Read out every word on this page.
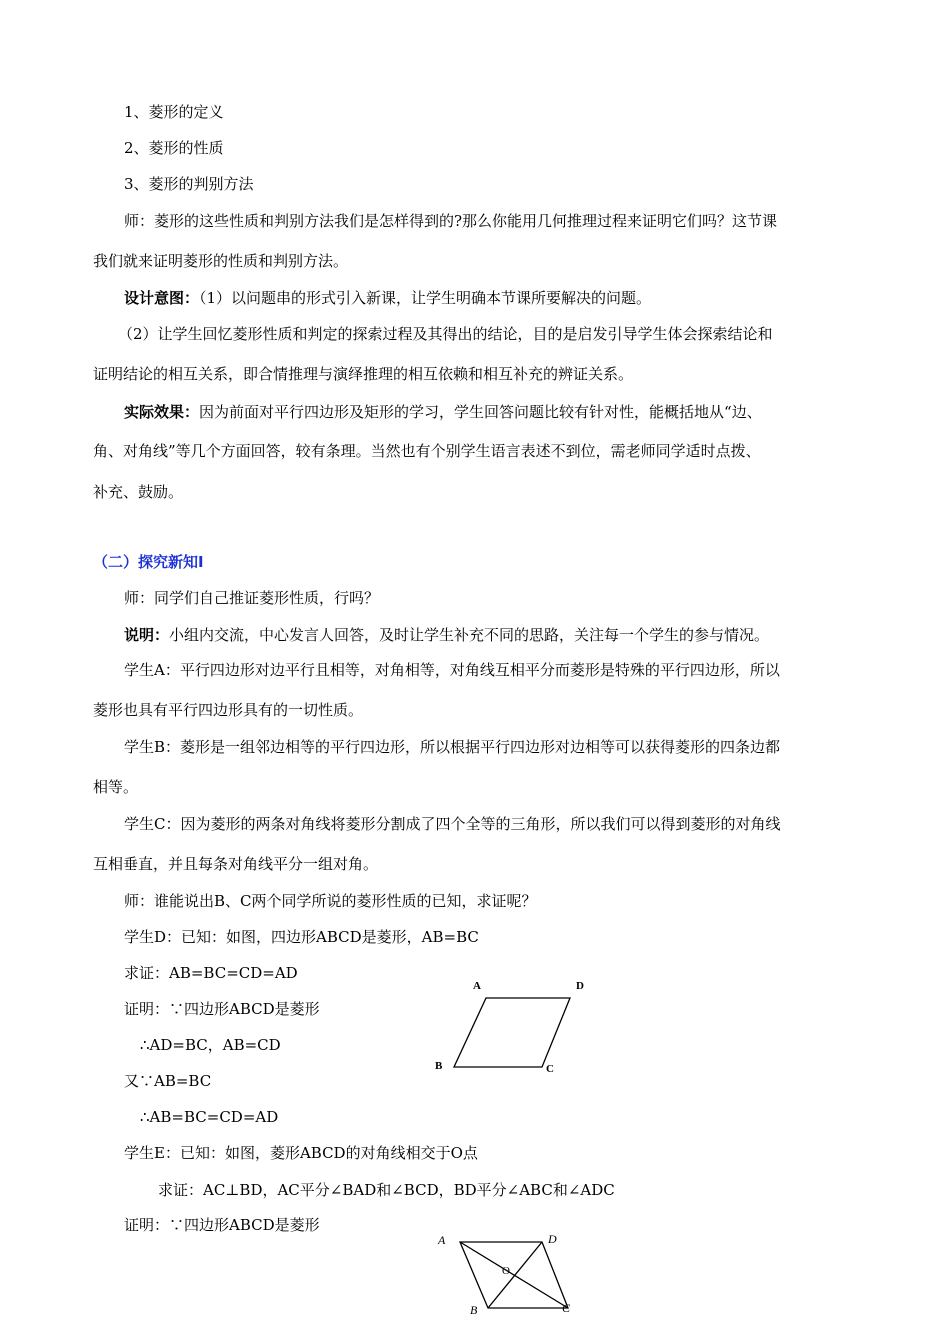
1、菱形的定义
2、菱形的性质
3、菱形的判别方法
师：菱形的这些性质和判别方法我们是怎样得到的?那么你能用几何推理过程来证明它们吗？这节课
我们就来证明菱形的性质和判别方法。
设计意图：（1）以问题串的形式引入新课，让学生明确本节课所要解决的问题。
（2）让学生回忆菱形性质和判定的探索过程及其得出的结论，目的是启发引导学生体会探索结论和
证明结论的相互关系，即合情推理与演绎推理的相互依赖和相互补充的辨证关系。
实际效果：因为前面对平行四边形及矩形的学习，学生回答问题比较有针对性，能概括地从“边、
角、对角线”等几个方面回答，较有条理。当然也有个别学生语言表述不到位，需老师同学适时点拨、
补充、鼓励。
（二）探究新知Ⅰ
师：同学们自己推证菱形性质，行吗？
说明：小组内交流，中心发言人回答，及时让学生补充不同的思路，关注每一个学生的参与情况。
学生A：平行四边形对边平行且相等，对角相等，对角线互相平分而菱形是特殊的平行四边形，所以
菱形也具有平行四边形具有的一切性质。
学生B：菱形是一组邻边相等的平行四边形，所以根据平行四边形对边相等可以获得菱形的四条边都
相等。
学生C：因为菱形的两条对角线将菱形分割成了四个全等的三角形，所以我们可以得到菱形的对角线
互相垂直，并且每条对角线平分一组对角。
师：谁能说出B、C两个同学所说的菱形性质的已知，求证呢？
学生D：已知：如图，四边形ABCD是菱形，AB=BC
求证：AB=BC=CD=AD
证明：∵四边形ABCD是菱形
∴AD=BC，AB=CD
又∵AB=BC
∴AB=BC=CD=AD
学生E：已知：如图，菱形ABCD的对角线相交于O点
求证：AC⊥BD，AC平分∠BAD和∠BCD，BD平分∠ABC和∠ADC
证明：∵四边形ABCD是菱形
A	D
B	C
A	D
O
B	C
